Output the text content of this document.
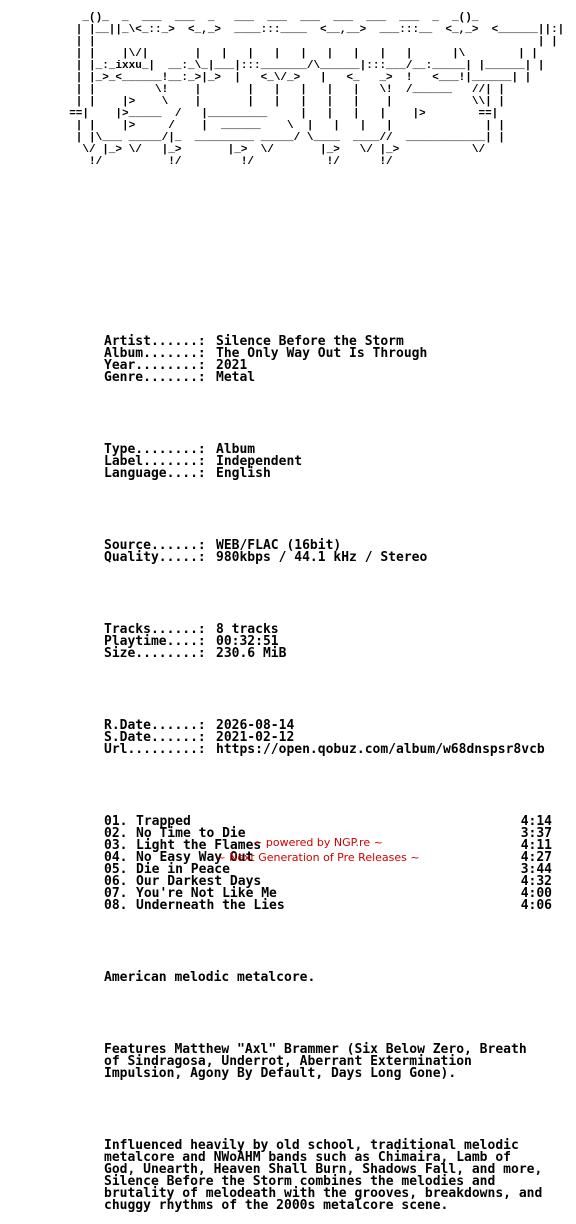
_()_  _  ___  ___  _   ___  ___  ___  ___  ___  ___  _  _()_
| |__||_\<_::_>  <_,_>  ____:::____  <__,__>  ___:::__  <_,_>  <______||:|
| |                                                                   | |
| |    |\/|       |   |   |   |   |   |   |   |   |      |\        | |
| |_:_ixxu_|  __:_\_|___|:::_______/\______|:::___/__:_____| |______| |
| |_>_<______!__:_>|_>  |   <_\/_>   |   <_   _>  !   <___!|______| |
| |         \!    |       |   |   |   |   |   \!  /______   //| |
| |    |>    \    |       |   |   |   |   |    |            \\| |
==|    |>_____  /   |_________     |   |   |   |    |>        ==|
| |    |>     /    |  ______    \  |   |   |   |              | |
| |\___ _____/|_  _________ _____/ \____  ____//  ____________| |
\/ |_> \/   |_>       |_>  \/       |_>   \/ |_>           \/
!/          !/         !/           !/      !/

Artist......: Silence Before the Storm
Album.......: The Only Way Out Is Through
Year........: 2021
Genre.......: Metal

Type........: Album
Label.......: Independent
Language....: English

Source......: WEB/FLAC (16bit)
Quality.....: 980kbps / 44.1 kHz / Stereo

Tracks......: 8 tracks
Playtime....: 00:32:51
Size........: 230.6 MiB

R.Date......: 2026-08-14
S.Date......: 2021-02-12
Url.........: https://open.qobuz.com/album/w68dnspsr8vcb

01. Trapped	4:14
02. No Time to Die	3:37
03. Light the Flames	4:11
04. No Easy Way Out	4:27
05. Die in Peace	3:44
06. Our Darkest Days	4:32
07. You're Not Like Me	4:00
08. Underneath the Lies	4:06

American melodic metalcore.

Features Matthew "Axl" Brammer (Six Below Zero, Breath
of Sindragosa, Underrot, Aberrant Extermination
Impulsion, Agony By Default, Days Long Gone).

Influenced heavily by old school, traditional melodic
metalcore and NWoAHM bands such as Chimaira, Lamb of
God, Unearth, Heaven Shall Burn, Shadows Fall, and more,
Silence Before the Storm combines the melodies and
brutality of melodeath with the grooves, breakdowns, and
chuggy rhythms of the 2000s metalcore scene.

~ powered by NGP.re ~
~ Next Generation of Pre Releases ~
